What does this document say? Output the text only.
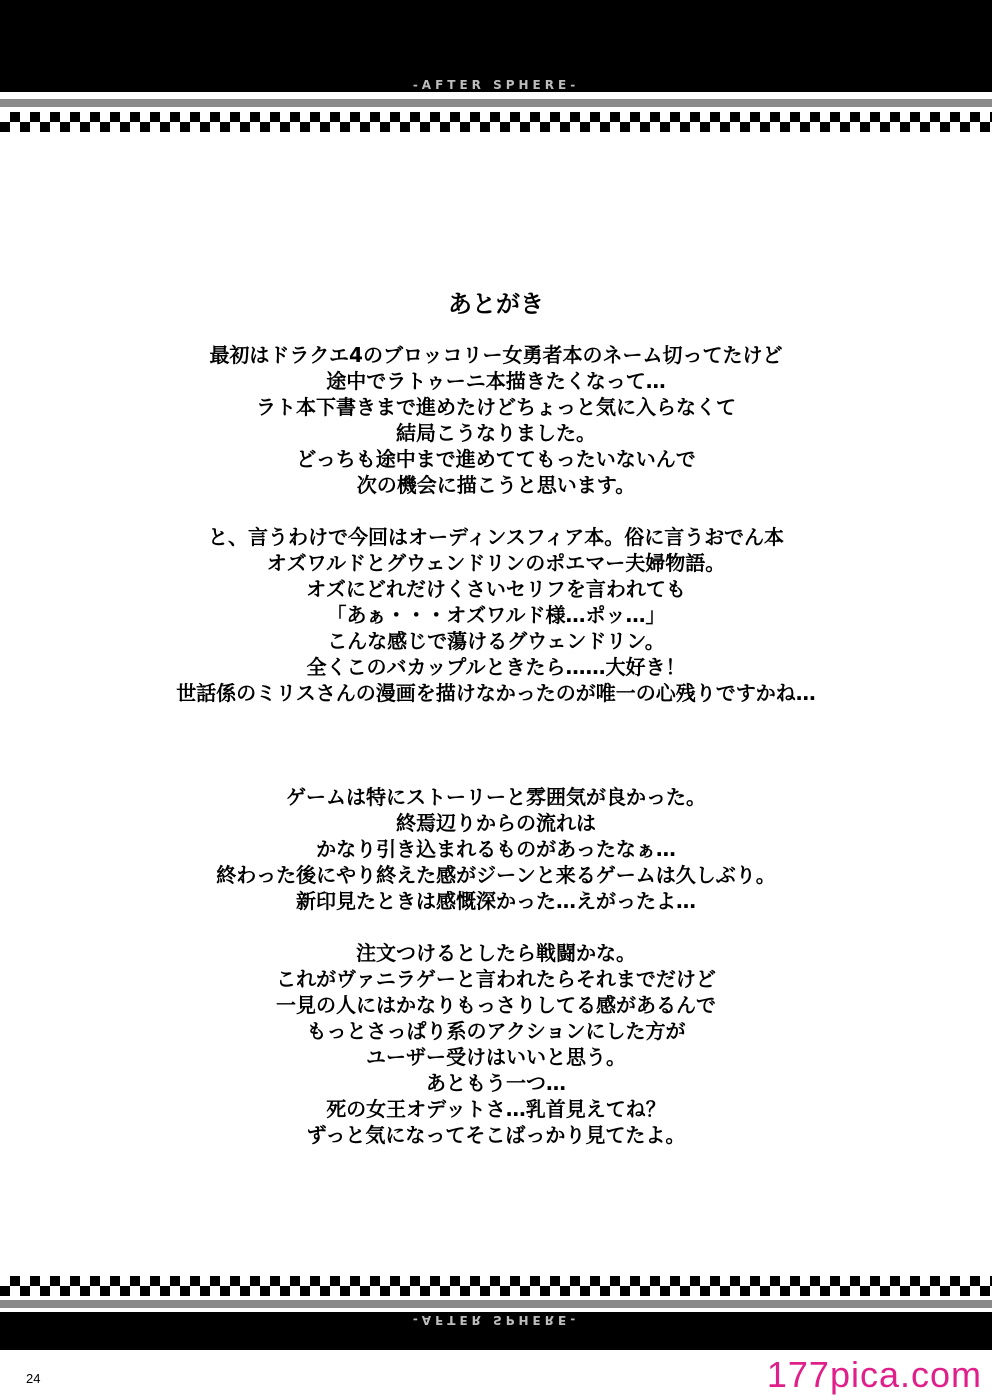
-AFTER SPHERE-
あとがき
最初はドラクエ4のブロッコリー女勇者本のネーム切ってたけど
途中でラトゥーニ本描きたくなって…
ラト本下書きまで進めたけどちょっと気に入らなくて
結局こうなりました。
どっちも途中まで進めててもったいないんで
次の機会に描こうと思います。
と、言うわけで今回はオーディンスフィア本。俗に言うおでん本
オズワルドとグウェンドリンのポエマー夫婦物語。
オズにどれだけくさいセリフを言われても
「あぁ・・・オズワルド様…ポッ…」
こんな感じで蕩けるグウェンドリン。
全くこのバカップルときたら……大好き！
世話係のミリスさんの漫画を描けなかったのが唯一の心残りですかね…
ゲームは特にストーリーと雰囲気が良かった。
終焉辺りからの流れは
かなり引き込まれるものがあったなぁ…
終わった後にやり終えた感がジーンと来るゲームは久しぶり。
新印見たときは感慨深かった…えがったよ…
注文つけるとしたら戦闘かな。
これがヴァニラゲーと言われたらそれまでだけど
一見の人にはかなりもっさりしてる感があるんで
もっとさっぱり系のアクションにした方が
ユーザー受けはいいと思う。
あともう一つ…
死の女王オデットさ…乳首見えてね？
ずっと気になってそこばっかり見てたよ。
-AFTER SPHERE-
24	177pica.com
